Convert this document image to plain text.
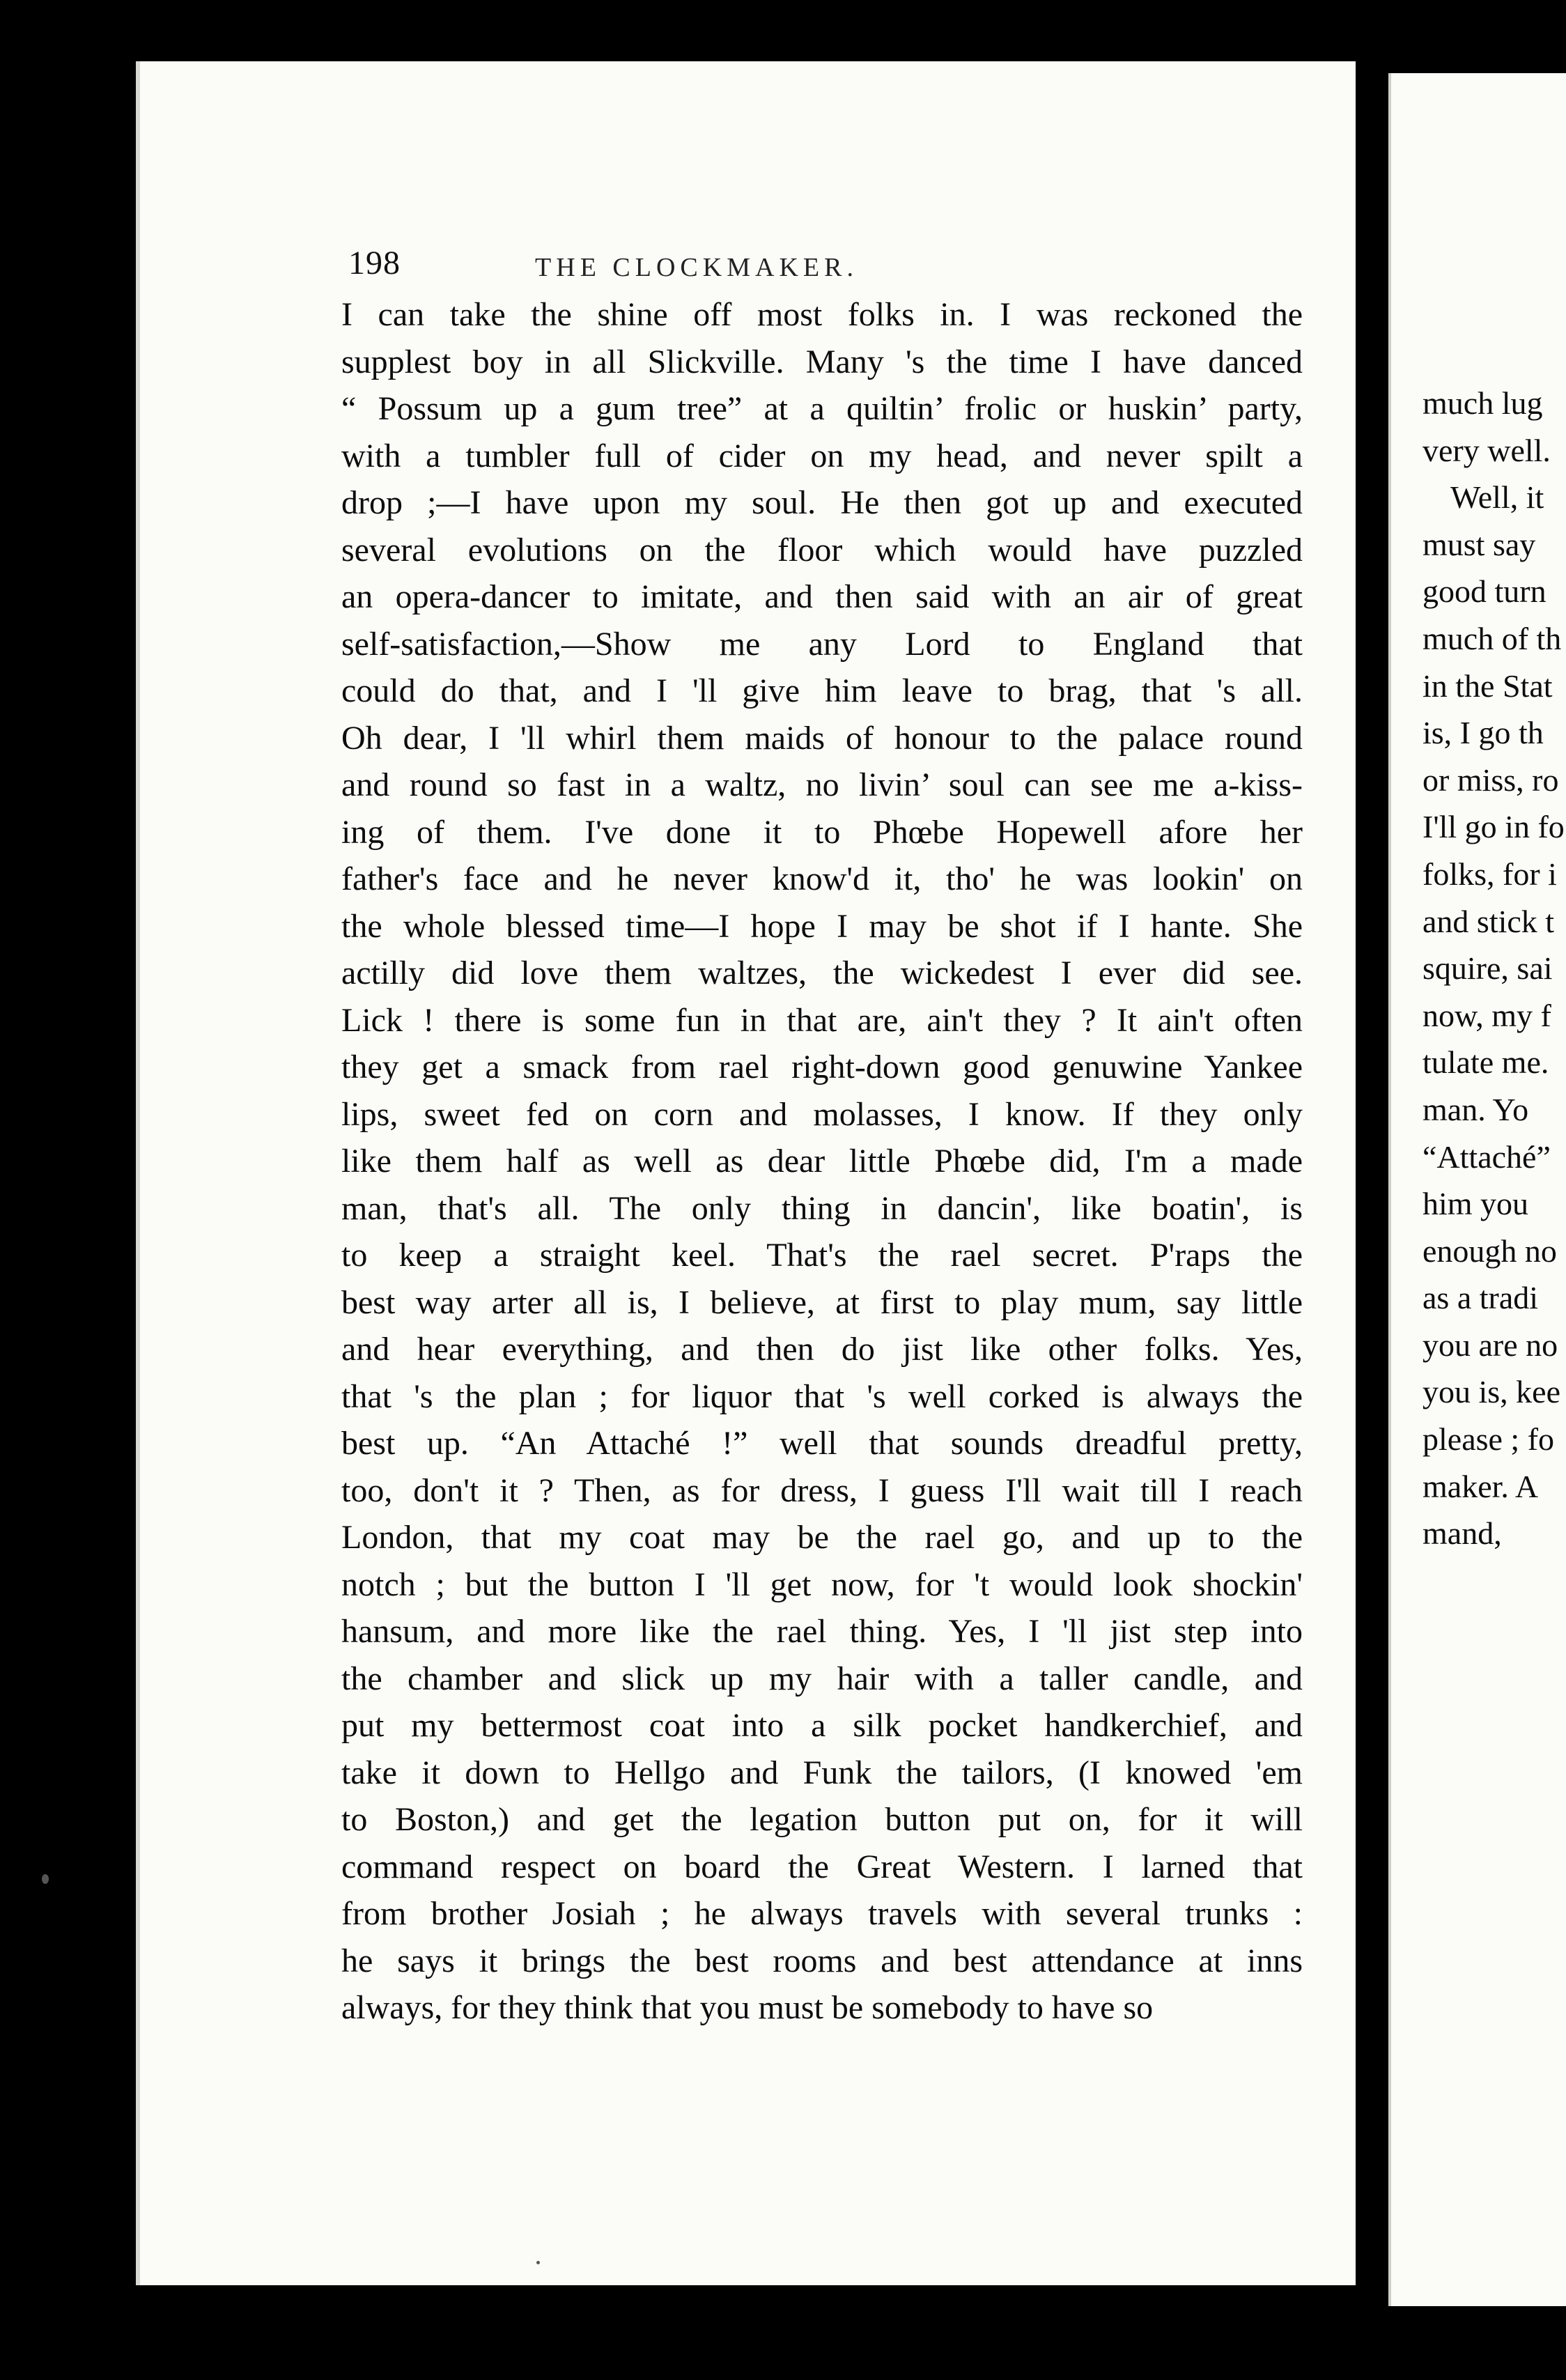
much lug
very well.
Well, it
must say
good turn
much of th
in the Stat
is, I go th
or miss, ro
I'll go in fo
folks, for i
and stick t
squire, sai
now, my f
tulate me.
man. Yo
“Attaché”
him you
enough no
as a tradi
you are no
you is, kee
please ; fo
maker. A
mand,
198	THE CLOCKMAKER.
I can take the shine off most folks in. I was reckoned the
supplest boy in all Slickville. Many 's the time I have danced
“ Possum up a gum tree” at a quiltin’ frolic or huskin’ party,
with a tumbler full of cider on my head, and never spilt a
drop ;—I have upon my soul. He then got up and executed
several evolutions on the floor which would have puzzled
an opera-dancer to imitate, and then said with an air of great
self-satisfaction,—Show me any Lord to England that
could do that, and I 'll give him leave to brag, that 's all.
Oh dear, I 'll whirl them maids of honour to the palace round
and round so fast in a waltz, no livin’ soul can see me a-kiss-
ing of them. I've done it to Phœbe Hopewell afore her
father's face and he never know'd it, tho' he was lookin' on
the whole blessed time—I hope I may be shot if I hante. She
actilly did love them waltzes, the wickedest I ever did see.
Lick ! there is some fun in that are, ain't they ? It ain't often
they get a smack from rael right-down good genuwine Yankee
lips, sweet fed on corn and molasses, I know. If they only
like them half as well as dear little Phœbe did, I'm a made
man, that's all. The only thing in dancin', like boatin', is
to keep a straight keel. That's the rael secret. P'raps the
best way arter all is, I believe, at first to play mum, say little
and hear everything, and then do jist like other folks. Yes,
that 's the plan ; for liquor that 's well corked is always the
best up. “An Attaché !” well that sounds dreadful pretty,
too, don't it ? Then, as for dress, I guess I'll wait till I reach
London, that my coat may be the rael go, and up to the
notch ; but the button I 'll get now, for 't would look shockin'
hansum, and more like the rael thing. Yes, I 'll jist step into
the chamber and slick up my hair with a taller candle, and
put my bettermost coat into a silk pocket handkerchief, and
take it down to Hellgo and Funk the tailors, (I knowed 'em
to Boston,) and get the legation button put on, for it will
command respect on board the Great Western. I larned that
from brother Josiah ; he always travels with several trunks :
he says it brings the best rooms and best attendance at inns
always, for they think that you must be somebody to have so
